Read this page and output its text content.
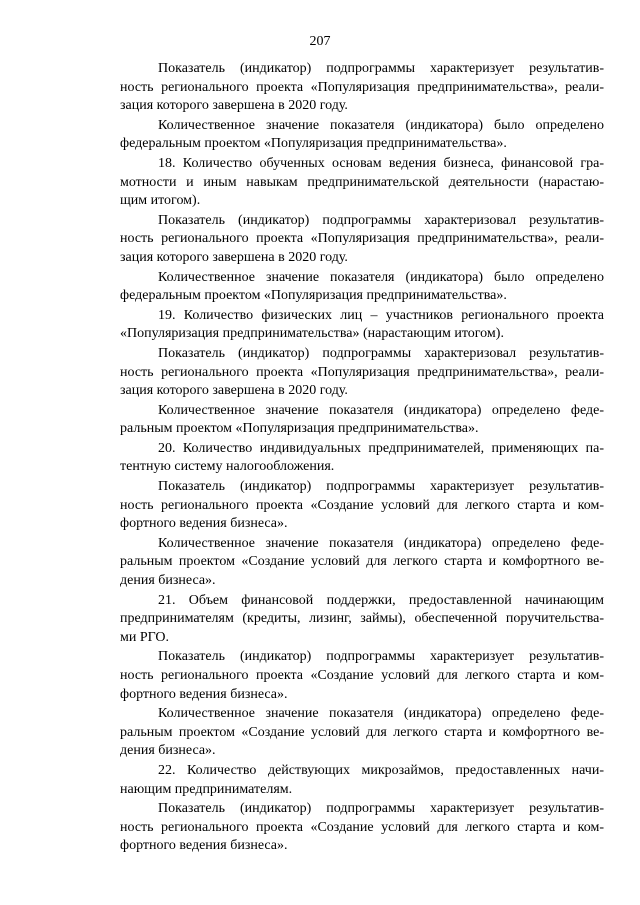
207
Показатель (индикатор) подпрограммы характеризует результатив-
ность регионального проекта «Популяризация предпринимательства», реали-
зация которого завершена в 2020 году.
Количественное значение показателя (индикатора) было определено
федеральным проектом «Популяризация предпринимательства».
18. Количество обученных основам ведения бизнеса, финансовой гра-
мотности и иным навыкам предпринимательской деятельности (нарастаю-
щим итогом).
Показатель (индикатор) подпрограммы характеризовал результатив-
ность регионального проекта «Популяризация предпринимательства», реали-
зация которого завершена в 2020 году.
Количественное значение показателя (индикатора) было определено
федеральным проектом «Популяризация предпринимательства».
19. Количество физических лиц – участников регионального проекта
«Популяризация предпринимательства» (нарастающим итогом).
Показатель (индикатор) подпрограммы характеризовал результатив-
ность регионального проекта «Популяризация предпринимательства», реали-
зация которого завершена в 2020 году.
Количественное значение показателя (индикатора) определено феде-
ральным проектом «Популяризация предпринимательства».
20. Количество индивидуальных предпринимателей, применяющих па-
тентную систему налогообложения.
Показатель (индикатор) подпрограммы характеризует результатив-
ность регионального проекта «Создание условий для легкого старта и ком-
фортного ведения бизнеса».
Количественное значение показателя (индикатора) определено феде-
ральным проектом «Создание условий для легкого старта и комфортного ве-
дения бизнеса».
21. Объем финансовой поддержки, предоставленной начинающим
предпринимателям (кредиты, лизинг, займы), обеспеченной поручительства-
ми РГО.
Показатель (индикатор) подпрограммы характеризует результатив-
ность регионального проекта «Создание условий для легкого старта и ком-
фортного ведения бизнеса».
Количественное значение показателя (индикатора) определено феде-
ральным проектом «Создание условий для легкого старта и комфортного ве-
дения бизнеса».
22. Количество действующих микрозаймов, предоставленных начи-
нающим предпринимателям.
Показатель (индикатор) подпрограммы характеризует результатив-
ность регионального проекта «Создание условий для легкого старта и ком-
фортного ведения бизнеса».
